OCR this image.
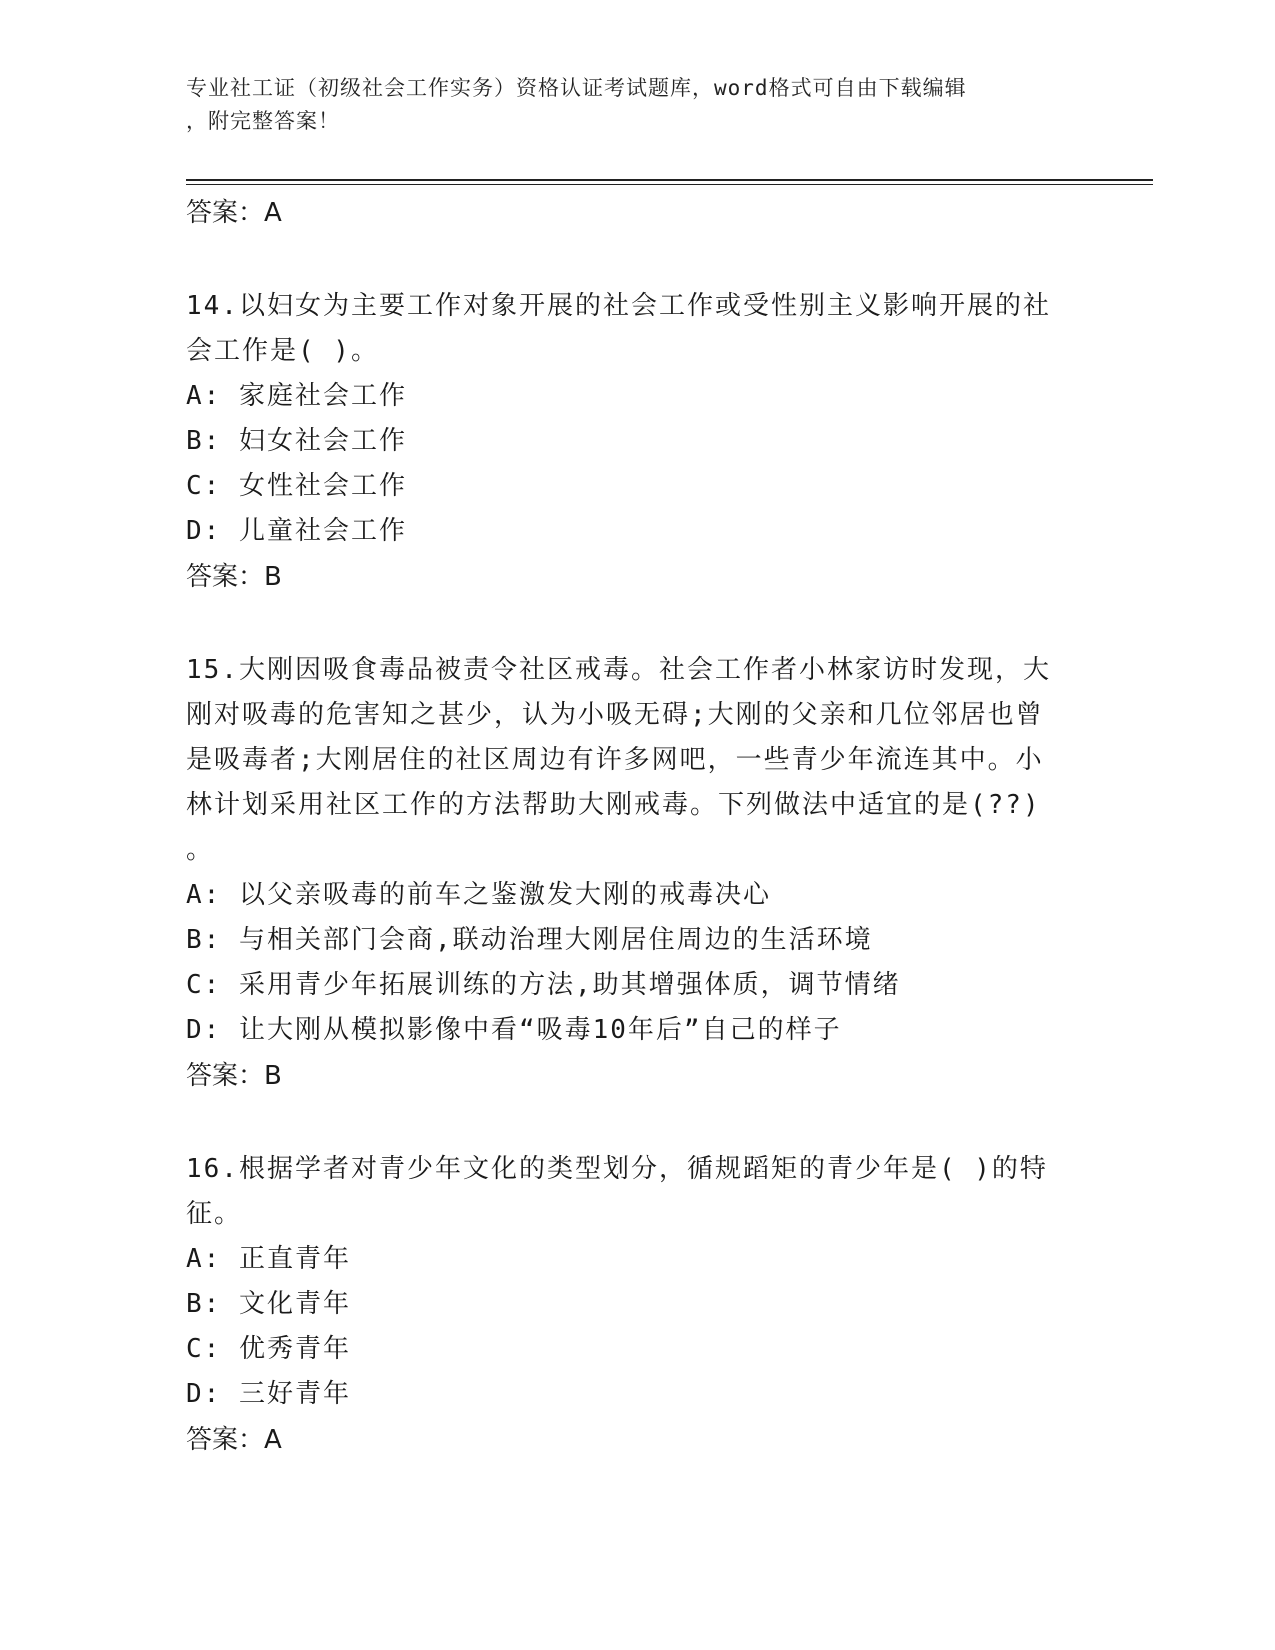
专业社工证（初级社会工作实务）资格认证考试题库，word格式可自由下载编辑
，附完整答案！
答案：A
14.以妇女为主要工作对象开展的社会工作或受性别主义影响开展的社
会工作是( )。
A: 家庭社会工作
B: 妇女社会工作
C: 女性社会工作
D: 儿童社会工作
答案：B
15.大刚因吸食毒品被责令社区戒毒。社会工作者小林家访时发现，大
刚对吸毒的危害知之甚少，认为小吸无碍;大刚的父亲和几位邻居也曾
是吸毒者;大刚居住的社区周边有许多网吧，一些青少年流连其中。小
林计划采用社区工作的方法帮助大刚戒毒。下列做法中适宜的是(??)
。
A: 以父亲吸毒的前车之鉴激发大刚的戒毒决心
B: 与相关部门会商,联动治理大刚居住周边的生活环境
C: 采用青少年拓展训练的方法,助其增强体质，调节情绪
D: 让大刚从模拟影像中看“吸毒10年后”自己的样子
答案：B
16.根据学者对青少年文化的类型划分，循规蹈矩的青少年是( )的特
征。
A: 正直青年
B: 文化青年
C: 优秀青年
D: 三好青年
答案：A
